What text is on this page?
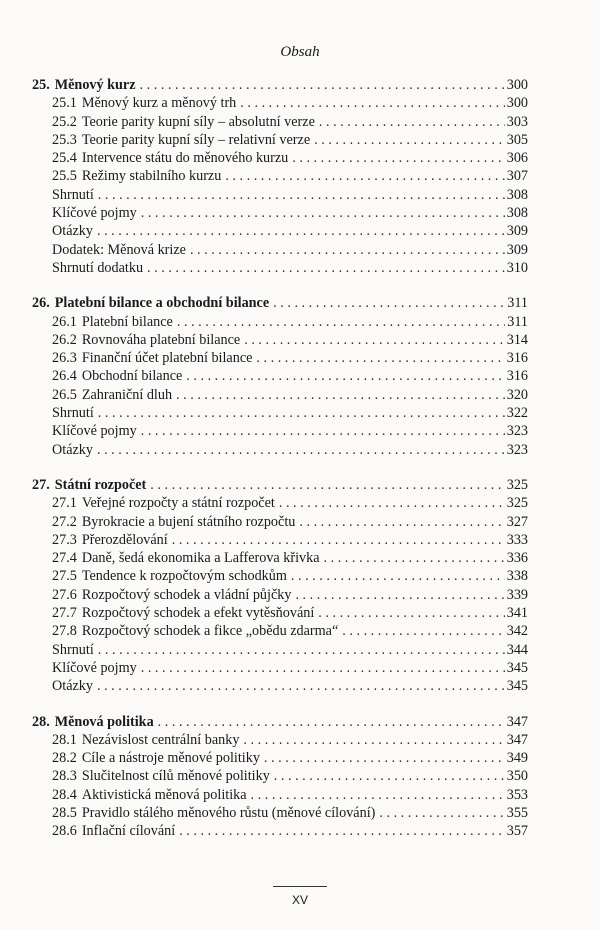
Obsah
25. Měnový kurz . . .	300
25.1 Měnový kurz a měnový trh . . .	300
25.2 Teorie parity kupní síly – absolutní verze . . .	303
25.3 Teorie parity kupní síly – relativní verze . . .	305
25.4 Intervence státu do měnového kurzu . . .	306
25.5 Režimy stabilního kurzu . . .	307
Shrnutí . . .	308
Klíčové pojmy . . .	308
Otázky . . .	309
Dodatek: Měnová krize . . .	309
Shrnutí dodatku . . .	310
26. Platební bilance a obchodní bilance . . .	311
26.1 Platební bilance . . .	311
26.2 Rovnováha platební bilance . . .	314
26.3 Finanční účet platební bilance . . .	316
26.4 Obchodní bilance . . .	316
26.5 Zahraniční dluh . . .	320
Shrnutí . . .	322
Klíčové pojmy . . .	323
Otázky . . .	323
27. Státní rozpočet . . .	325
27.1 Veřejné rozpočty a státní rozpočet . . .	325
27.2 Byrokracie a bujení státního rozpočtu . . .	327
27.3 Přerozdělování . . .	333
27.4 Daně, šedá ekonomika a Lafferova křivka . . .	336
27.5 Tendence k rozpočtovým schodkům . . .	338
27.6 Rozpočtový schodek a vládní půjčky . . .	339
27.7 Rozpočtový schodek a efekt vytěsňování . . .	341
27.8 Rozpočtový schodek a fikce „obědu zdarma“ . . .	342
Shrnutí . . .	344
Klíčové pojmy . . .	345
Otázky . . .	345
28. Měnová politika . . .	347
28.1 Nezávislost centrální banky . . .	347
28.2 Cíle a nástroje měnové politiky . . .	349
28.3 Slučitelnost cílů měnové politiky . . .	350
28.4 Aktivistická měnová politika . . .	353
28.5 Pravidlo stálého měnového růstu (měnové cílování) . . .	355
28.6 Inflační cílování . . .	357
XV
